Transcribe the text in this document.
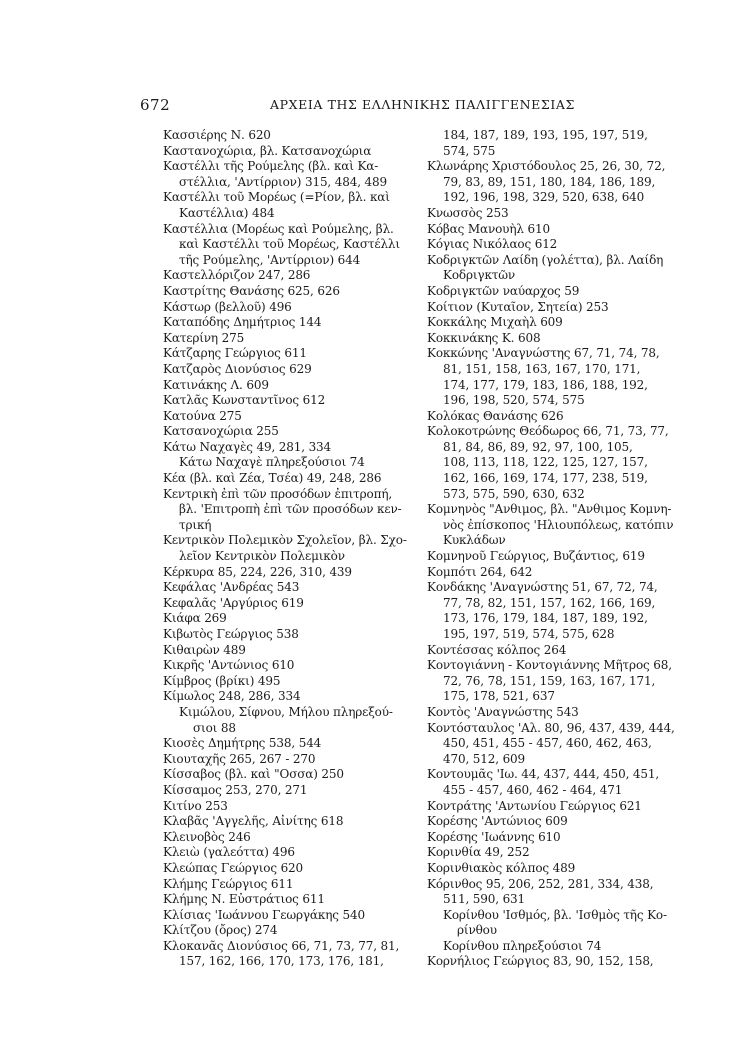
672	ΑΡΧΕΙΑ ΤΗΣ ΕΛΛΗΝΙΚΗΣ ΠΑΛΙΓΓΕΝΕΣΙΑΣ
Κασσιέρης Ν. 620
Καστανοχώρια, βλ. Κατσανοχώρια
Καστέλλι τῆς Ρούμελης (βλ. καὶ Κα-
στέλλια, 'Αντίρριον) 315, 484, 489
Καστέλλι τοῦ Μορέως (=Ρίον, βλ. καὶ
Καστέλλια) 484
Καστέλλια (Μορέως καὶ Ρούμελης, βλ.
καὶ Καστέλλι τοῦ Μορέως, Καστέλλι
τῆς Ρούμελης, 'Αντίρριον) 644
Καστελλόριζον 247, 286
Καστρίτης Θανάσης 625, 626
Κάστωρ (βελλοῦ) 496
Καταπόδης Δημήτριος 144
Κατερίνη 275
Κάτζαρης Γεώργιος 611
Κατζαρὸς Διονύσιος 629
Κατινάκης Λ. 609
Κατλᾶς Κωνσταντῖνος 612
Κατούνα 275
Κατσανοχώρια 255
Κάτω Ναχαγὲς 49, 281, 334
Κάτω Ναχαγὲ πληρεξούσιοι 74
Κέα (βλ. καὶ Ζέα, Τσέα) 49, 248, 286
Κεντρικὴ ἐπὶ τῶν προσόδων ἐπιτροπή,
βλ. 'Επιτροπὴ ἐπὶ τῶν προσόδων κεν-
τρική
Κεντρικὸν Πολεμικὸν Σχολεῖον, βλ. Σχο-
λεῖον Κεντρικὸν Πολεμικὸν
Κέρκυρα 85, 224, 226, 310, 439
Κεφάλας 'Ανδρέας 543
Κεφαλᾶς 'Αργύριος 619
Κιάφα 269
Κιβωτὸς Γεώργιος 538
Κιθαιρὼν 489
Κικρῆς 'Αντώνιος 610
Κίμβρος (βρίκι) 495
Κίμωλος 248, 286, 334
Κιμώλου, Σίφνου, Μήλου πληρεξού-
σιοι 88
Κιοσὲς Δημήτρης 538, 544
Κιουταχῆς 265, 267 - 270
Κίσσαβος (βλ. καὶ "Οσσα) 250
Κίσσαμος 253, 270, 271
Κιτίνο 253
Κλαβᾶς 'Αγγελῆς, Αἰνίτης 618
Κλεινοβὸς 246
Κλειὼ (γαλεόττα) 496
Κλεώπας Γεώργιος 620
Κλήμης Γεώργιος 611
Κλήμης Ν. Εὐστράτιος 611
Κλίσιας 'Ιωάννου Γεωργάκης 540
Κλίτζου (ὄρος) 274
Κλοκανᾶς Διονύσιος 66, 71, 73, 77, 81,
157, 162, 166, 170, 173, 176, 181,
184, 187, 189, 193, 195, 197, 519,
574, 575
Κλωνάρης Χριστόδουλος 25, 26, 30, 72,
79, 83, 89, 151, 180, 184, 186, 189,
192, 196, 198, 329, 520, 638, 640
Κνωσσὸς 253
Κόβας Μανουὴλ 610
Κόγιας Νικόλαος 612
Κοδριγκτῶν Λαίδη (γολέττα), βλ. Λαίδη
Κοδριγκτῶν
Κοδριγκτῶν ναύαρχος 59
Κοίτιον (Κυταῖον, Σητεία) 253
Κοκκάλης Μιχαὴλ 609
Κοκκινάκης Κ. 608
Κοκκώνης 'Αναγνώστης 67, 71, 74, 78,
81, 151, 158, 163, 167, 170, 171,
174, 177, 179, 183, 186, 188, 192,
196, 198, 520, 574, 575
Κολόκας Θανάσης 626
Κολοκοτρώνης Θεόδωρος 66, 71, 73, 77,
81, 84, 86, 89, 92, 97, 100, 105,
108, 113, 118, 122, 125, 127, 157,
162, 166, 169, 174, 177, 238, 519,
573, 575, 590, 630, 632
Κομνηνὸς "Ανθιμος, βλ. "Ανθιμος Κομνη-
νὸς ἐπίσκοπος 'Ηλιουπόλεως, κατόπιν
Κυκλάδων
Κομνηνοῦ Γεώργιος, Βυζάντιος, 619
Κομπότι 264, 642
Κονδάκης 'Αναγνώστης 51, 67, 72, 74,
77, 78, 82, 151, 157, 162, 166, 169,
173, 176, 179, 184, 187, 189, 192,
195, 197, 519, 574, 575, 628
Κοντέσσας κόλπος 264
Κοντογιάννη - Κοντογιάννης Μῆτρος 68,
72, 76, 78, 151, 159, 163, 167, 171,
175, 178, 521, 637
Κοντὸς 'Αναγνώστης 543
Κοντόσταυλος 'Αλ. 80, 96, 437, 439, 444,
450, 451, 455 - 457, 460, 462, 463,
470, 512, 609
Κοντουμᾶς 'Ιω. 44, 437, 444, 450, 451,
455 - 457, 460, 462 - 464, 471
Κοντράτης 'Αντωνίου Γεώργιος 621
Κορέσης 'Αντώνιος 609
Κορέσης 'Ιωάννης 610
Κορινθία 49, 252
Κορινθιακὸς κόλπος 489
Κόρινθος 95, 206, 252, 281, 334, 438,
511, 590, 631
Κορίνθου 'Ισθμός, βλ. 'Ισθμὸς τῆς Κο-
ρίνθου
Κορίνθου πληρεξούσιοι 74
Κορνήλιος Γεώργιος 83, 90, 152, 158,
